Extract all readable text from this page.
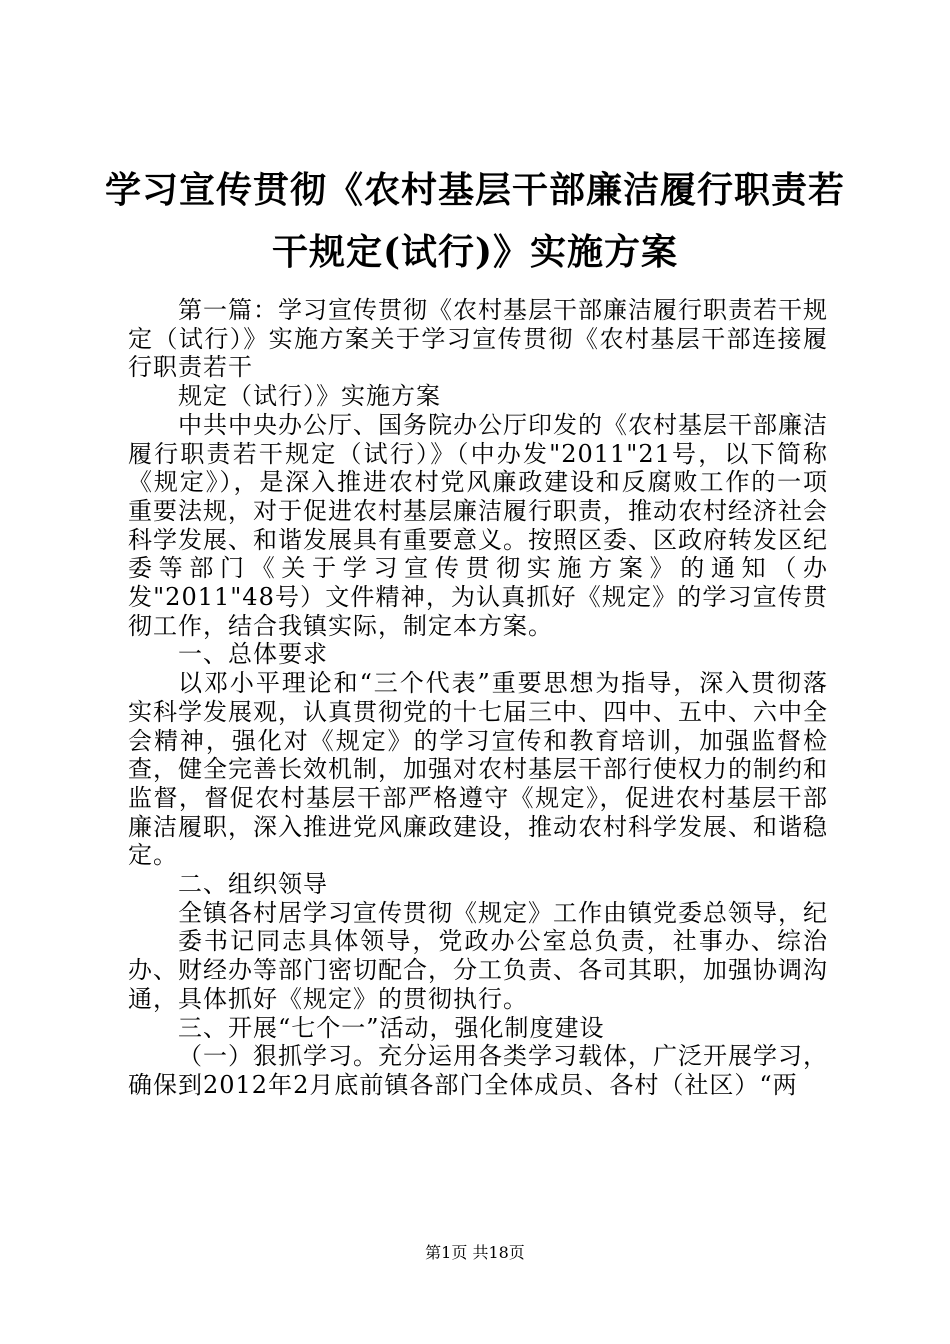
学习宣传贯彻《农村基层干部廉洁履行职责若
干规定(试行)》实施方案

第一篇：学习宣传贯彻《农村基层干部廉洁履行职责若干规定（试行）》实施方案关于学习宣传贯彻《农村基层干部连接履行职责若干

规定（试行）》实施方案

中共中央办公厅、国务院办公厅印发的《农村基层干部廉洁履行职责若干规定（试行）》（中办发"2011"21号，以下简称《规定》），是深入推进农村党风廉政建设和反腐败工作的一项重要法规，对于促进农村基层廉洁履行职责，推动农村经济社会科学发展、和谐发展具有重要意义。按照区委、区政府转发区纪委等部门《关于学习宣传贯彻实施方案》的通知（办发"2011"48号）文件精神，为认真抓好《规定》的学习宣传贯彻工作，结合我镇实际，制定本方案。

一、总体要求

以邓小平理论和“三个代表”重要思想为指导，深入贯彻落实科学发展观，认真贯彻党的十七届三中、四中、五中、六中全会精神，强化对《规定》的学习宣传和教育培训，加强监督检查，健全完善长效机制，加强对农村基层干部行使权力的制约和监督，督促农村基层干部严格遵守《规定》，促进农村基层干部廉洁履职，深入推进党风廉政建设，推动农村科学发展、和谐稳定。

二、组织领导

全镇各村居学习宣传贯彻《规定》工作由镇党委总领导，纪

委书记同志具体领导，党政办公室总负责，社事办、综治办、财经办等部门密切配合，分工负责、各司其职，加强协调沟通，具体抓好《规定》的贯彻执行。

三、开展“七个一”活动，强化制度建设

（一）狠抓学习。充分运用各类学习载体，广泛开展学习，确保到2012年2月底前镇各部门全体成员、各村（社区）“两

第1页 共18页
